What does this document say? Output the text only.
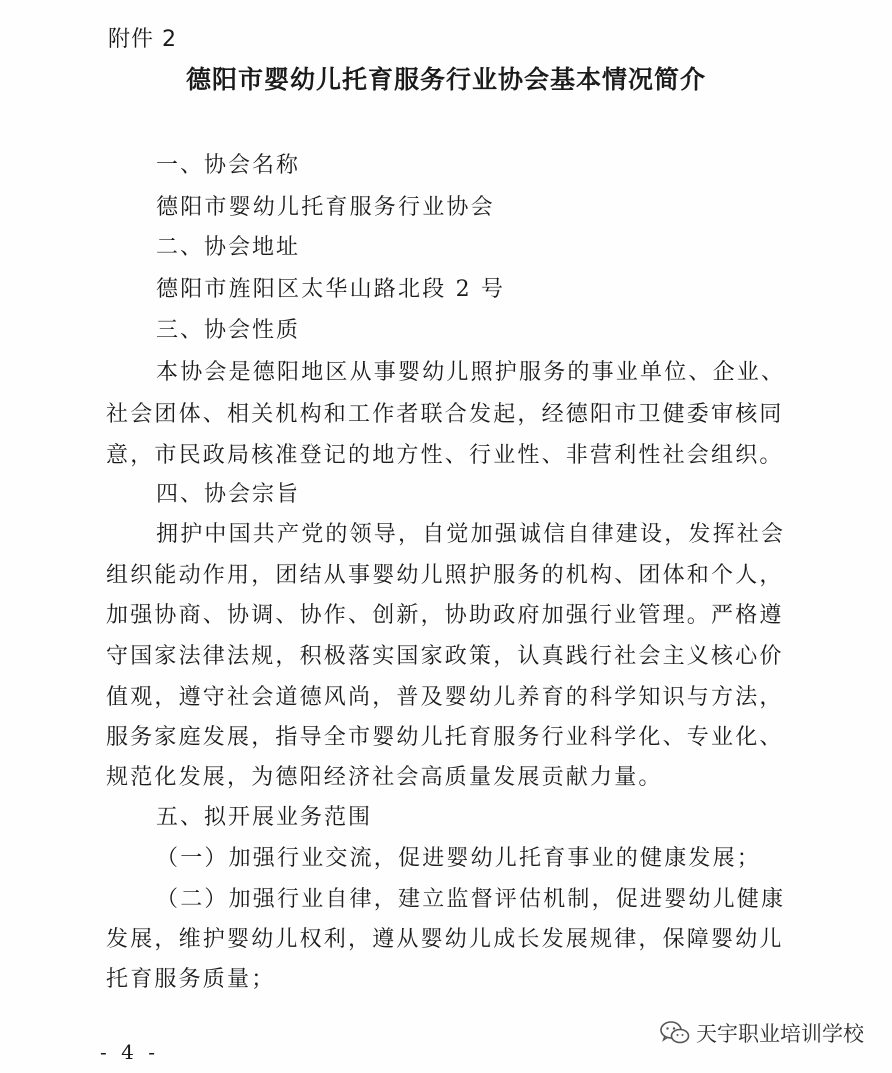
附件 2
德阳市婴幼儿托育服务行业协会基本情况简介
一、协会名称
德阳市婴幼儿托育服务行业协会
二、协会地址
德阳市旌阳区太华山路北段 2 号
三、协会性质
本协会是德阳地区从事婴幼儿照护服务的事业单位、企业、
社会团体、相关机构和工作者联合发起，经德阳市卫健委审核同
意，市民政局核准登记的地方性、行业性、非营利性社会组织。
四、协会宗旨
拥护中国共产党的领导，自觉加强诚信自律建设，发挥社会
组织能动作用，团结从事婴幼儿照护服务的机构、团体和个人，
加强协商、协调、协作、创新，协助政府加强行业管理。严格遵
守国家法律法规，积极落实国家政策，认真践行社会主义核心价
值观，遵守社会道德风尚，普及婴幼儿养育的科学知识与方法，
服务家庭发展，指导全市婴幼儿托育服务行业科学化、专业化、
规范化发展，为德阳经济社会高质量发展贡献力量。
五、拟开展业务范围
（一）加强行业交流，促进婴幼儿托育事业的健康发展；
（二）加强行业自律，建立监督评估机制，促进婴幼儿健康
发展，维护婴幼儿权利，遵从婴幼儿成长发展规律，保障婴幼儿
托育服务质量；
- 4 -
天宇职业培训学校
